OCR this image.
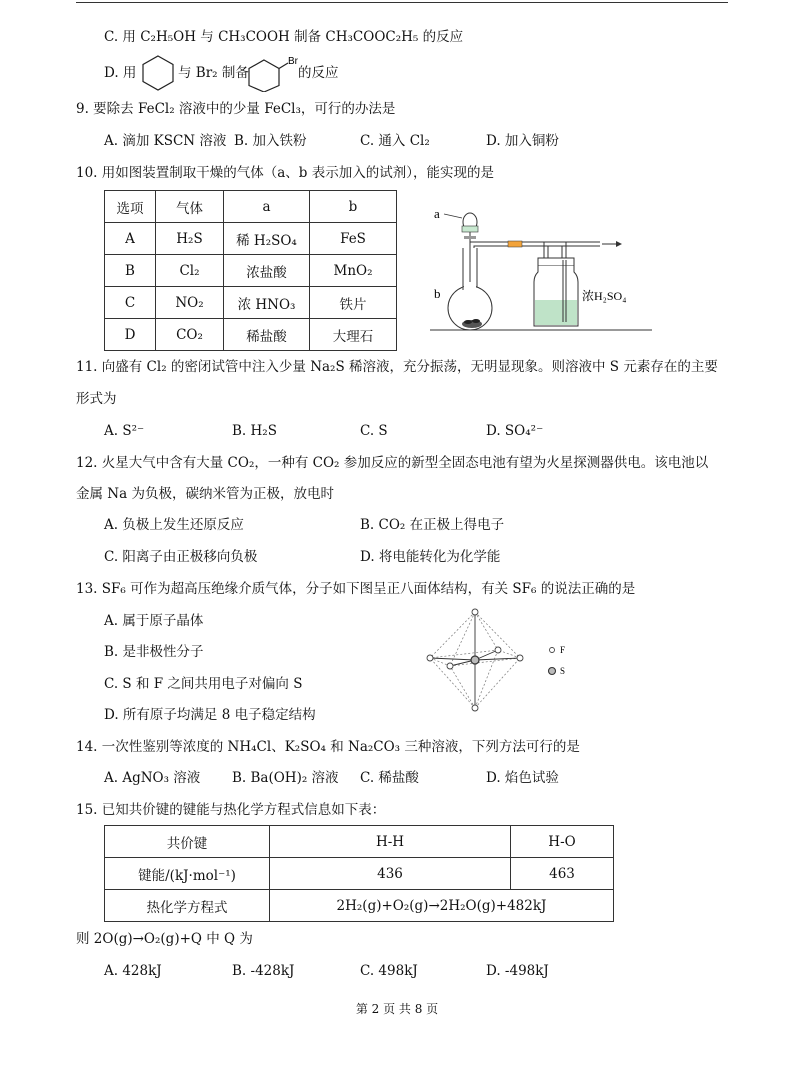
C. 用 C₂H₅OH 与 CH₃COOH 制备 CH₃COOC₂H₅ 的反应
D. 用	与 Br₂ 制备
Br
的反应
9. 要除去 FeCl₂ 溶液中的少量 FeCl₃，可行的办法是
A. 滴加 KSCN 溶液 B. 加入铁粉	C. 通入 Cl₂	D. 加入铜粉
10. 用如图装置制取干燥的气体（a、b 表示加入的试剂），能实现的是
选项	气体	a	b
A	H₂S	稀 H₂SO₄	FeS
B	Cl₂	浓盐酸	MnO₂
C	NO₂	浓 HNO₃	铁片
D	CO₂	稀盐酸	大理石
a
b	浓H₂SO₄
11. 向盛有 Cl₂ 的密闭试管中注入少量 Na₂S 稀溶液，充分振荡，无明显现象。则溶液中 S 元素存在的主要
形式为
A. S²⁻	B. H₂S	C. S	D. SO₄²⁻
12. 火星大气中含有大量 CO₂，一种有 CO₂ 参加反应的新型全固态电池有望为火星探测器供电。该电池以
金属 Na 为负极，碳纳米管为正极，放电时
A. 负极上发生还原反应	B. CO₂ 在正极上得电子
C. 阳离子由正极移向负极	D. 将电能转化为化学能
13. SF₆ 可作为超高压绝缘介质气体，分子如下图呈正八面体结构，有关 SF₆ 的说法正确的是
A. 属于原子晶体
B. 是非极性分子
C. S 和 F 之间共用电子对偏向 S
D. 所有原子均满足 8 电子稳定结构
F
S
14. 一次性鉴别等浓度的 NH₄Cl、K₂SO₄ 和 Na₂CO₃ 三种溶液，下列方法可行的是
A. AgNO₃ 溶液 B. Ba(OH)₂ 溶液 C. 稀盐酸	D. 焰色试验
15. 已知共价键的键能与热化学方程式信息如下表：
共价键	H-H	H-O
键能/(kJ·mol⁻¹)	436	463
热化学方程式	2H₂(g)+O₂(g)→2H₂O(g)+482kJ	
则 2O(g)→O₂(g)+Q 中 Q 为
A. 428kJ	B. -428kJ	C. 498kJ	D. -498kJ
第 2 页 共 8 页
